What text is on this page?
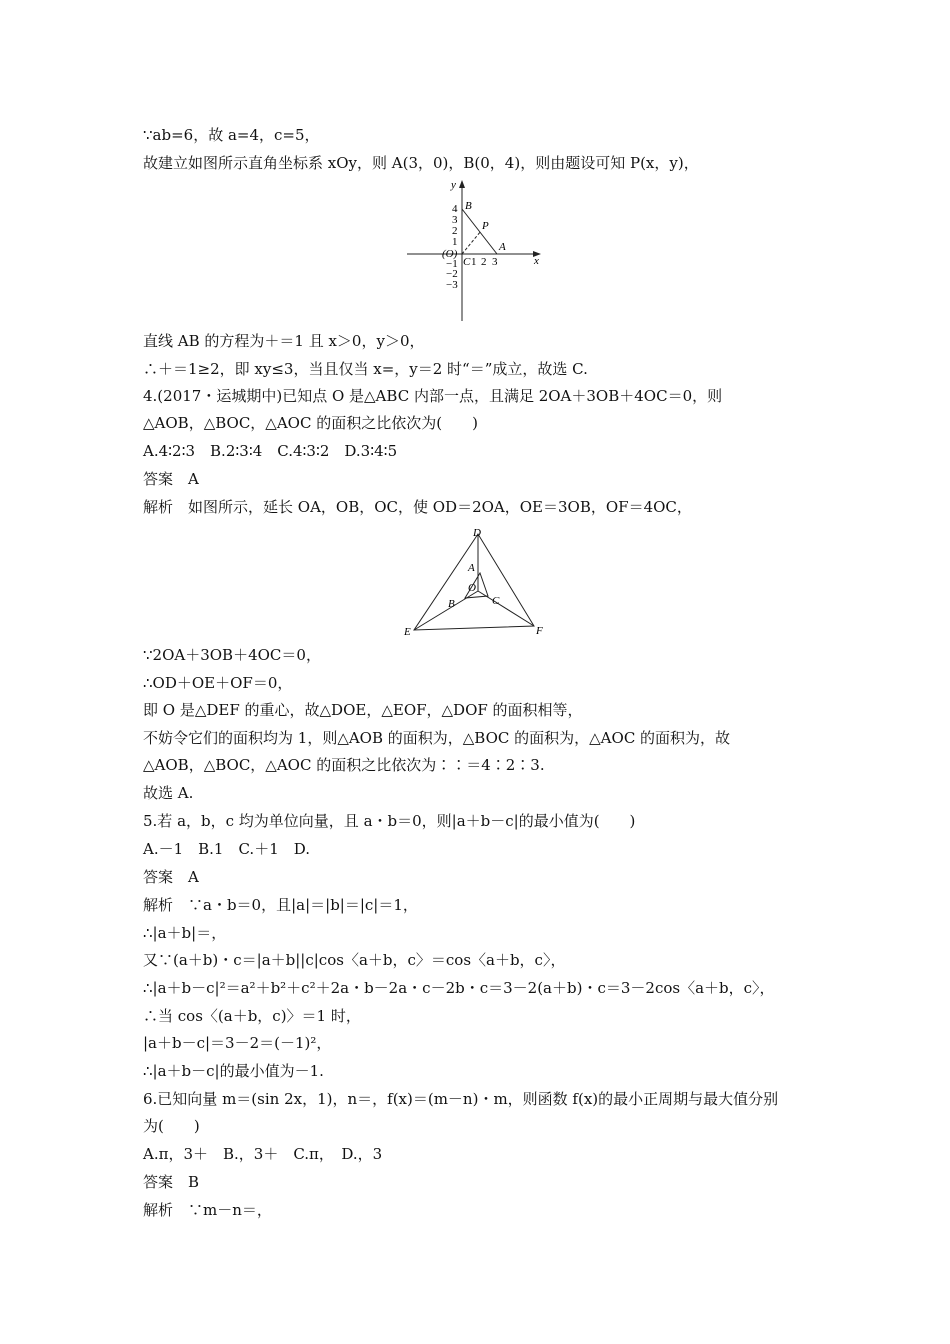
∵ab=6，故 a=4，c=5，
故建立如图所示直角坐标系 xOy，则 A(3，0)，B(0，4)，则由题设可知 P(x，y)，
x
y
B
P
A
(O)
C 1 2 3
4
3
2
1
−1
−2
−3
直线 AB 的方程为＋＝1 且 x＞0，y＞0，
∴＋＝1≥2，即 xy≤3，当且仅当 x=，y＝2 时“＝”成立，故选 C.
4.(2017・运城期中)已知点 O 是△ABC 内部一点，且满足 2OA＋3OB＋4OC＝0，则
△AOB，△BOC，△AOC 的面积之比依次为(　　)
A.4∶2∶3　B.2∶3∶4　C.4∶3∶2　D.3∶4∶5
答案　A
解析　如图所示，延长 OA，OB，OC，使 OD＝2OA，OE＝3OB，OF＝4OC，
D
E	F
A
B	C
O
∵2OA＋3OB＋4OC＝0，
∴OD＋OE＋OF＝0，
即 O 是△DEF 的重心，故△DOE，△EOF，△DOF 的面积相等，
不妨令它们的面积均为 1，则△AOB 的面积为，△BOC 的面积为，△AOC 的面积为，故
△AOB，△BOC，△AOC 的面积之比依次为∶∶＝4∶2∶3.
故选 A.
5.若 a，b，c 均为单位向量，且 a・b＝0，则|a＋b－c|的最小值为(　　)
A.－1　B.1　C.＋1　D.
答案　A
解析　∵a・b＝0，且|a|＝|b|＝|c|＝1，
∴|a＋b|＝，
又∵(a＋b)・c＝|a＋b||c|cos〈a＋b，c〉＝cos〈a＋b，c〉，
∴|a＋b－c|²＝a²＋b²＋c²＋2a・b－2a・c－2b・c＝3－2(a＋b)・c＝3－2cos〈a＋b，c〉，
∴当 cos〈(a＋b，c)〉＝1 时，
|a＋b－c|＝3－2＝(－1)²，
∴|a＋b－c|的最小值为－1.
6.已知向量 m＝(sin 2x，1)，n＝，f(x)＝(m－n)・m，则函数 f(x)的最小正周期与最大值分别
为(　　)
A.π，3＋　B.，3＋　C.π，　D.，3
答案　B
解析　∵m－n＝，
